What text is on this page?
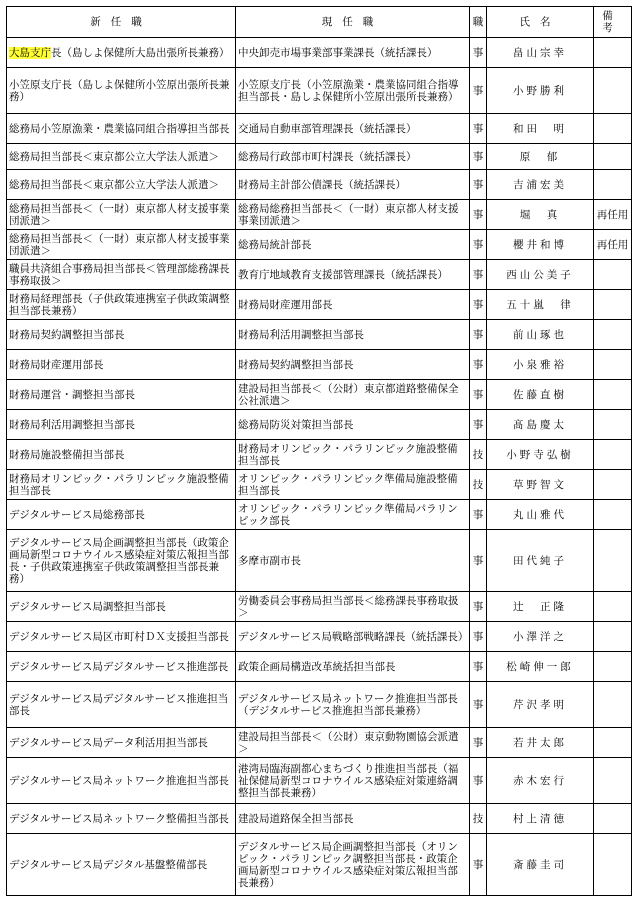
新任職	現任職	職	氏名	備考
大島支庁長（島しよ保健所大島出張所長兼務）	中央卸売市場事業部事業課長（統括課長）	事	畠山宗幸	
小笠原支庁長（島しよ保健所小笠原出張所長兼務）	小笠原支庁長（小笠原漁業・農業協同組合指導担当部長・島しよ保健所小笠原出張所長兼務）	事	小野勝利	
総務局小笠原漁業・農業協同組合指導担当部長	交通局自動車部管理課長（統括課長）	事	和田　明	
総務局担当部長＜東京都公立大学法人派遣＞	総務局行政部市町村課長（統括課長）	事	原　郁	
総務局担当部長＜東京都公立大学法人派遣＞	財務局主計部公債課長（統括課長）	事	吉浦宏美	
総務局担当部長＜（一財）東京都人材支援事業団派遣＞	総務局総務担当部長＜（一財）東京都人材支援事業団派遣＞	事	堀　真	再任用
総務局担当部長＜（一財）東京都人材支援事業団派遣＞	総務局統計部長	事	櫻井和博	再任用
職員共済組合事務局担当部長＜管理部総務課長事務取扱＞	教育庁地域教育支援部管理課長（統括課長）	事	西山公美子	
財務局経理部長（子供政策連携室子供政策調整担当部長兼務）	財務局財産運用部長	事	五十嵐　律	
財務局契約調整担当部長	財務局利活用調整担当部長	事	前山琢也	
財務局財産運用部長	財務局契約調整担当部長	事	小泉雅裕	
財務局運営・調整担当部長	建設局担当部長＜（公財）東京都道路整備保全公社派遣＞	事	佐藤直樹	
財務局利活用調整担当部長	総務局防災対策担当部長	事	髙島慶太	
財務局施設整備担当部長	財務局オリンピック・パラリンピック施設整備担当部長	技	小野寺弘樹	
財務局オリンピック・パラリンピック施設整備担当部長	オリンピック・パラリンピック準備局施設整備担当部長	技	草野智文	
デジタルサービス局総務部長	オリンピック・パラリンピック準備局パラリンピック部長	事	丸山雅代	
デジタルサービス局企画調整担当部長（政策企画局新型コロナウイルス感染症対策広報担当部長・子供政策連携室子供政策調整担当部長兼務）	多摩市副市長	事	田代純子	
デジタルサービス局調整担当部長	労働委員会事務局担当部長＜総務課長事務取扱＞	事	辻　正隆	
デジタルサービス局区市町村ＤＸ支援担当部長	デジタルサービス局戦略部戦略課長（統括課長）	事	小澤洋之	
デジタルサービス局デジタルサービス推進部長	政策企画局構造改革統括担当部長	事	松崎伸一郎	
デジタルサービス局デジタルサービス推進担当部長	デジタルサービス局ネットワーク推進担当部長（デジタルサービス推進担当部長兼務）	事	芹沢孝明	
デジタルサービス局データ利活用担当部長	建設局担当部長＜（公財）東京動物園協会派遣＞	事	若井太郎	
デジタルサービス局ネットワーク推進担当部長	港湾局臨海副都心まちづくり推進担当部長（福祉保健局新型コロナウイルス感染症対策連絡調整担当部長兼務）	事	赤木宏行	
デジタルサービス局ネットワーク整備担当部長	建設局道路保全担当部長	技	村上清徳	
デジタルサービス局デジタル基盤整備部長	デジタルサービス局企画調整担当部長（オリンピック・パラリンピック調整担当部長・政策企画局新型コロナウイルス感染症対策広報担当部長兼務）	事	斎藤圭司	
